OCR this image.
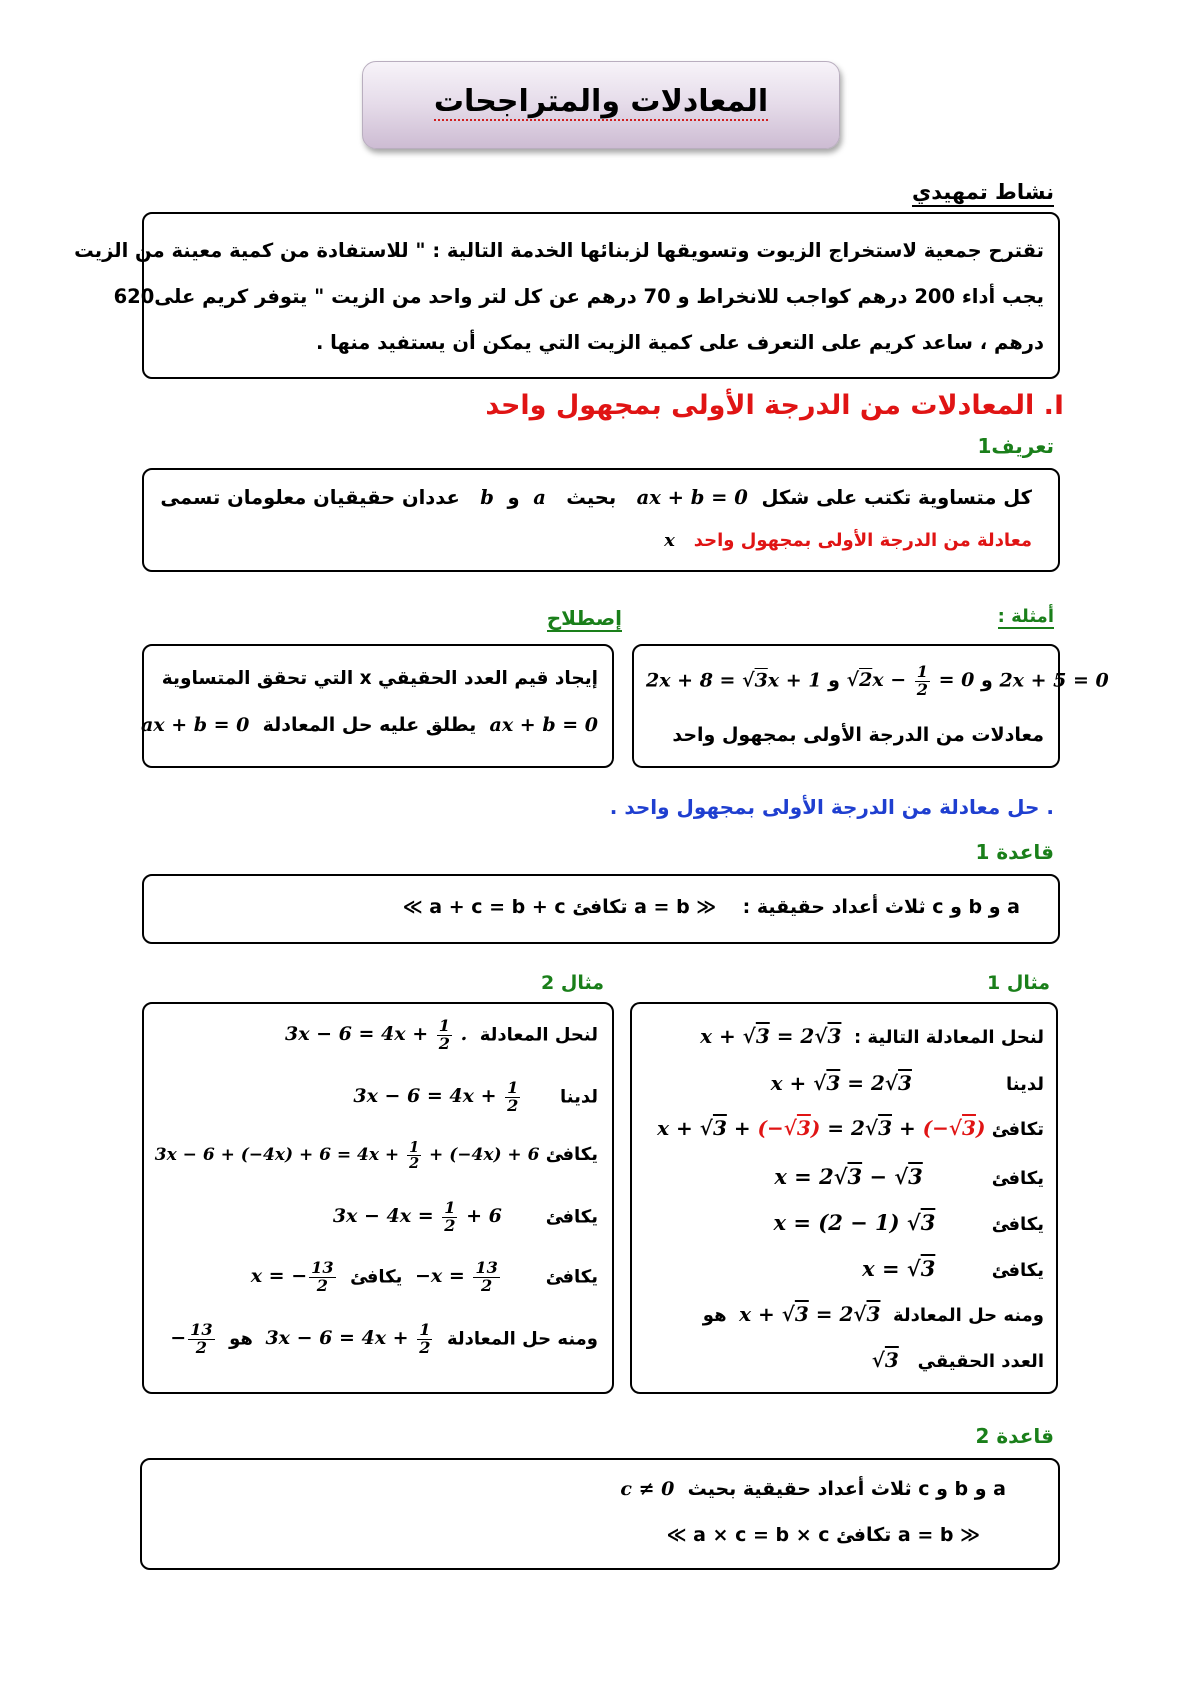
المعادلات والمتراجحات
نشاط تمهيدي
تقترح جمعية لاستخراج الزيوت وتسويقها لزبنائها الخدمة التالية : " للاستفادة من كمية معينة من الزيت
يجب أداء 200 درهم كواجب للانخراط و 70 درهم عن كل لتر واحد من الزيت " يتوفر كريم على620
درهم ، ساعد كريم على التعرف على كمية الزيت التي يمكن أن يستفيد منها .
I. المعادلات من الدرجة الأولى بمجهول واحد
تعريف1
كل متساوية تكتب على شكل  ax + b = 0   بحيث   a  و  b   عددان حقيقيان معلومان تسمى
معادلة من الدرجة الأولى بمجهول واحد   x
أمثلة :
إصطلاح
2x + 8 = √3x + 1	و $√2x - \frac{1}{2} = 0$ و	2x + 5 = 0
معادلات من الدرجة الأولى بمجهول واحد
إيجاد قيم العدد الحقيقي x التي تحقق المتساوية
ax + b = 0  يطلق عليه حل المعادلة  ax + b = 0
. حل معادلة من الدرجة الأولى بمجهول واحد .
قاعدة 1
a و b و c ثلاث أعداد حقيقية :    ≪ a = b تكافئ a + c = b + c ≫
مثال 1
مثال 2
لنحل المعادلة التالية :  x + √3 = 2√3
لدينا               x + √3 = 2√3
تكافئ x + √3 + (−√3) = 2√3 + (−√3)
يكافئ           x = 2√3 − √3
يكافئ         x = (2 − 1) √3
يكافئ         x = √3
ومنه حل المعادلة  x + √3 = 2√3  هو
العدد الحقيقي   √3
لنحل المعادلة  $3x - 6 = 4x + \frac{1}{2}$ .
لدينا      $3x - 6 = 4x + \frac{1}{2}$
يكافئ $3x - 6 + (-4x) + 6 = 4x + \frac{1}{2} + (-4x) + 6$
يكافئ       $3x - 4x = \frac{1}{2} + 6$
يكافئ       $-x = \frac{13}{2}$
يكافئ  x = − $\frac{13}{2}$
ومنه حل المعادلة  $3x - 6 = 4x + \frac{1}{2}$
هو  − $\frac{13}{2}$
قاعدة 2
a و b و c ثلاث أعداد حقيقية بحيث  c ≠ 0
≪ a = b تكافئ a × c = b × c ≫
